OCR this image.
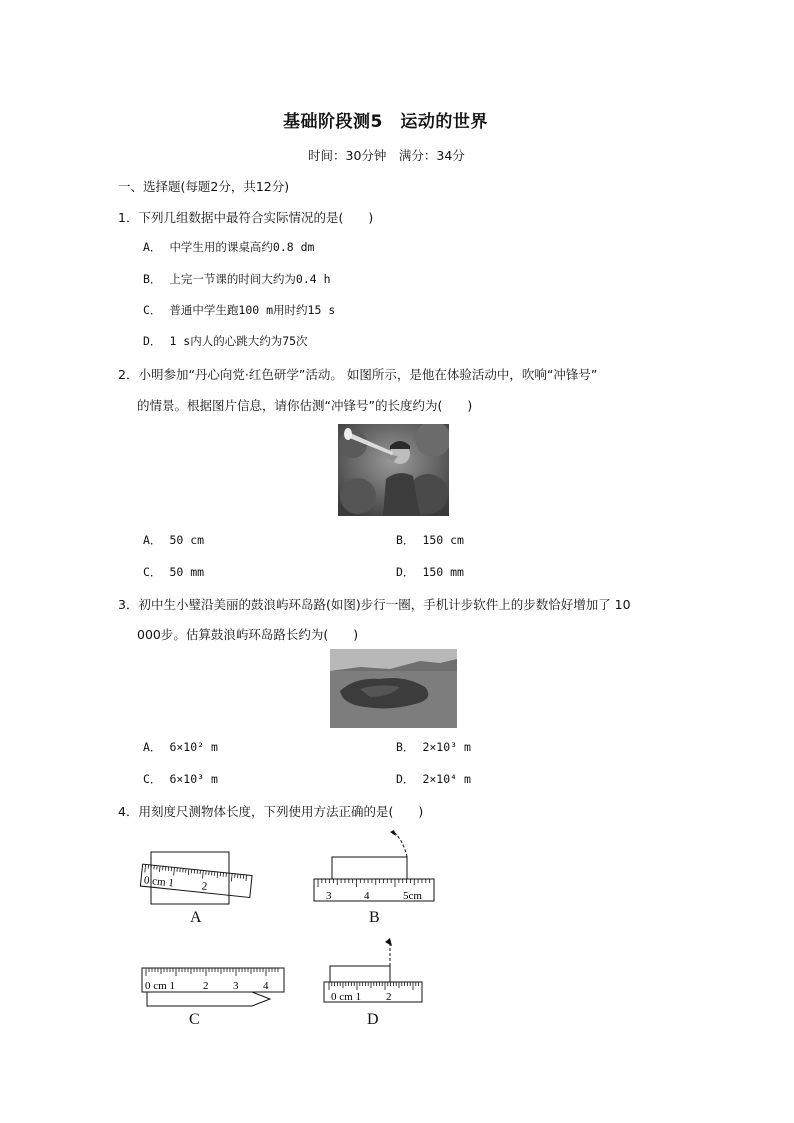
基础阶段测5　运动的世界
时间：30分钟　满分：34分
一、选择题(每题2分，共12分)
1．下列几组数据中最符合实际情况的是(　　)
A． 中学生用的课桌高约0.8 dm
B． 上完一节课的时间大约为0.4 h
C． 普通中学生跑100 m用时约15 s
D． 1 s内人的心跳大约为75次
2．小明参加“丹心向党·红色研学”活动。 如图所示，是他在体验活动中，吹响“冲锋号”
的情景。根据图片信息，请你估测“冲锋号”的长度约为(　　)
A． 50 cm	B． 150 cm
C． 50 mm	D． 150 mm
3．初中生小璧沿美丽的鼓浪屿环岛路(如图)步行一圈，手机计步软件上的步数恰好增加了 10
000步。估算鼓浪屿环岛路长约为(　　)
A． 6×10² m	B． 2×10³ m
C． 6×10³ m	D． 2×10⁴ m
4．用刻度尺测物体长度，下列使用方法正确的是(　　)
0 cm 1 2
A
3	4	5cm
B
0 cm 1	2 3 4
C
0 cm 1 2
D
